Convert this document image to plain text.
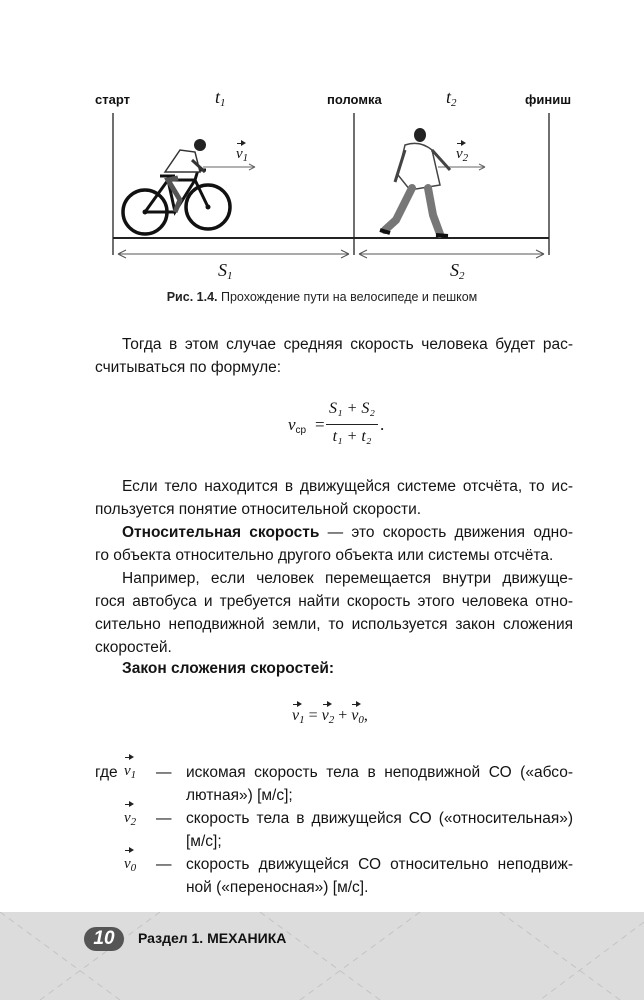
старт	поломка	финиш
$t_1$	$t_2$
$v_1$	$v_2$
$S_1$	$S_2$
Рис. 1.4. Прохождение пути на велосипеде и пешком
Тогда в этом случае средняя скорость человека будет рас-
считываться по формуле:
$v_{ср}$ =
S₁ + S₂
t₁ + t₂
.
Если тело находится в движущейся системе отсчёта, то ис-
пользуется понятие относительной скорости.
Относительная скорость — это скорость движения одно-
го объекта относительно другого объекта или системы отсчёта.
Например, если человек перемещается внутри движуще-
гося автобуса и требуется найти скорость этого человека отно-
сительно неподвижной земли, то используется закон сложения
скоростей.
Закон сложения скоростей:
$v_1 = v_2 + v_0$,
где $v_1$ — искомая скорость тела в неподвижной СО («абсо-
лютная») [м/с];
$v_2$ — скорость тела в движущейся СО («относительная»)
[м/с];
$v_0$ — скорость движущейся СО относительно неподвиж-
ной («переносная») [м/с].
10	Раздел 1. МЕХАНИКА
